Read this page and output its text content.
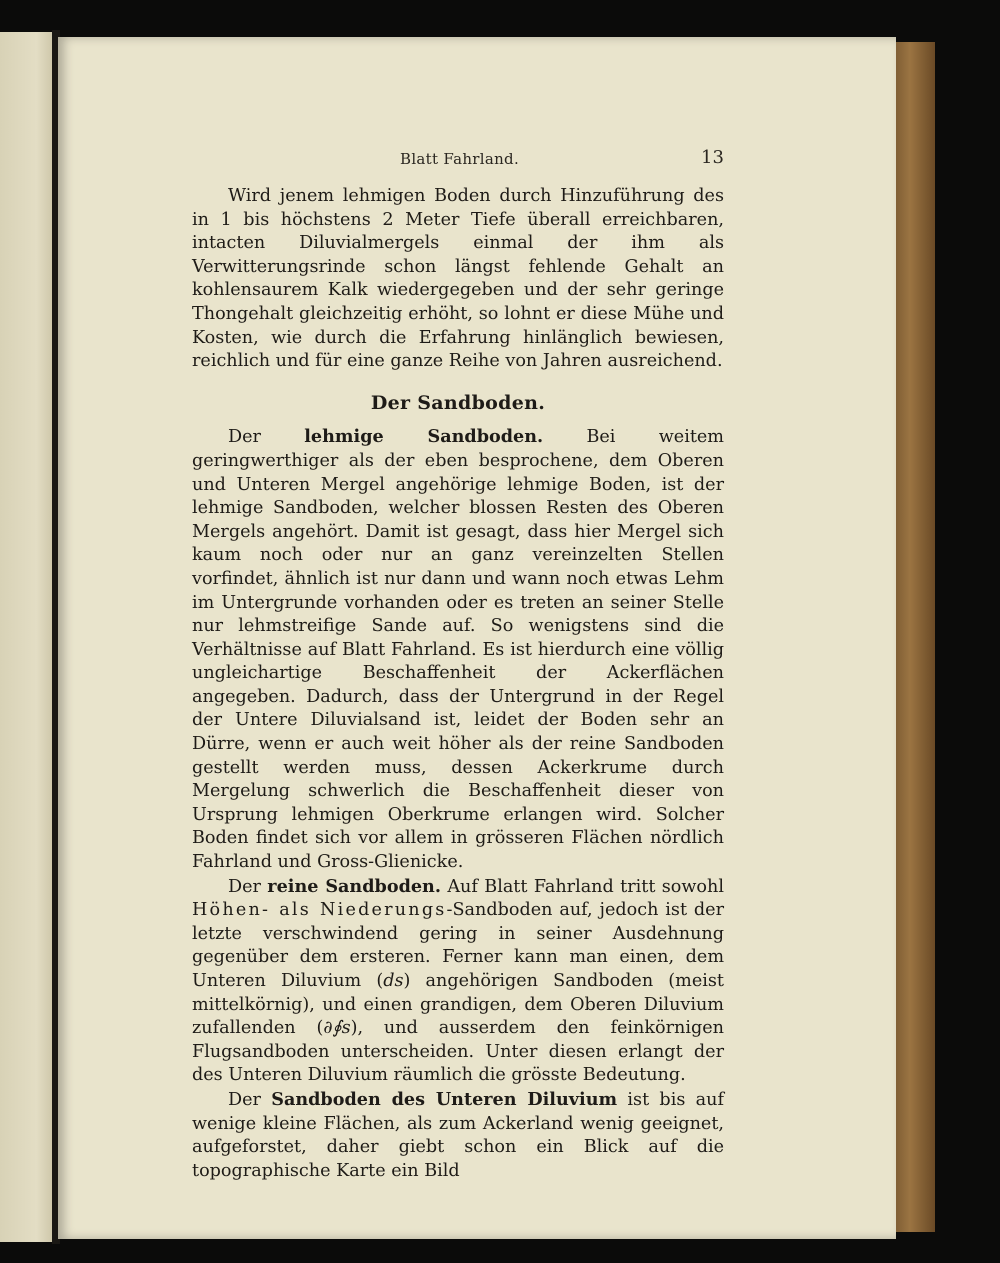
Blatt Fahrland.	13

Wird jenem lehmigen Boden durch Hinzuführung des in 1 bis höchstens 2 Meter Tiefe überall erreichbaren, intacten Diluvialmergels einmal der ihm als Verwitterungsrinde schon längst fehlende Gehalt an kohlensaurem Kalk wiedergegeben und der sehr geringe Thongehalt gleichzeitig erhöht, so lohnt er diese Mühe und Kosten, wie durch die Erfahrung hinlänglich bewiesen, reichlich und für eine ganze Reihe von Jahren ausreichend.

Der Sandboden.

Der lehmige Sandboden. Bei weitem geringwerthiger als der eben besprochene, dem Oberen und Unteren Mergel angehörige lehmige Boden, ist der lehmige Sandboden, welcher blossen Resten des Oberen Mergels angehört. Damit ist gesagt, dass hier Mergel sich kaum noch oder nur an ganz vereinzelten Stellen vorfindet, ähnlich ist nur dann und wann noch etwas Lehm im Untergrunde vorhanden oder es treten an seiner Stelle nur lehmstreifige Sande auf. So wenigstens sind die Verhältnisse auf Blatt Fahrland. Es ist hierdurch eine völlig ungleichartige Beschaffenheit der Ackerflächen angegeben. Dadurch, dass der Untergrund in der Regel der Untere Diluvialsand ist, leidet der Boden sehr an Dürre, wenn er auch weit höher als der reine Sandboden gestellt werden muss, dessen Ackerkrume durch Mergelung schwerlich die Beschaffenheit dieser von Ursprung lehmigen Oberkrume erlangen wird. Solcher Boden findet sich vor allem in grösseren Flächen nördlich Fahrland und Gross-Glienicke.

Der reine Sandboden. Auf Blatt Fahrland tritt sowohl Höhen- als Niederungs-Sandboden auf, jedoch ist der letzte verschwindend gering in seiner Ausdehnung gegenüber dem ersteren. Ferner kann man einen, dem Unteren Diluvium (ds) angehörigen Sandboden (meist mittelkörnig), und einen grandigen, dem Oberen Diluvium zufallenden (∂∮s), und ausserdem den feinkörnigen Flugsandboden unterscheiden. Unter diesen erlangt der des Unteren Diluvium räumlich die grösste Bedeutung.

Der Sandboden des Unteren Diluvium ist bis auf wenige kleine Flächen, als zum Ackerland wenig geeignet, aufgeforstet, daher giebt schon ein Blick auf die topographische Karte ein Bild
